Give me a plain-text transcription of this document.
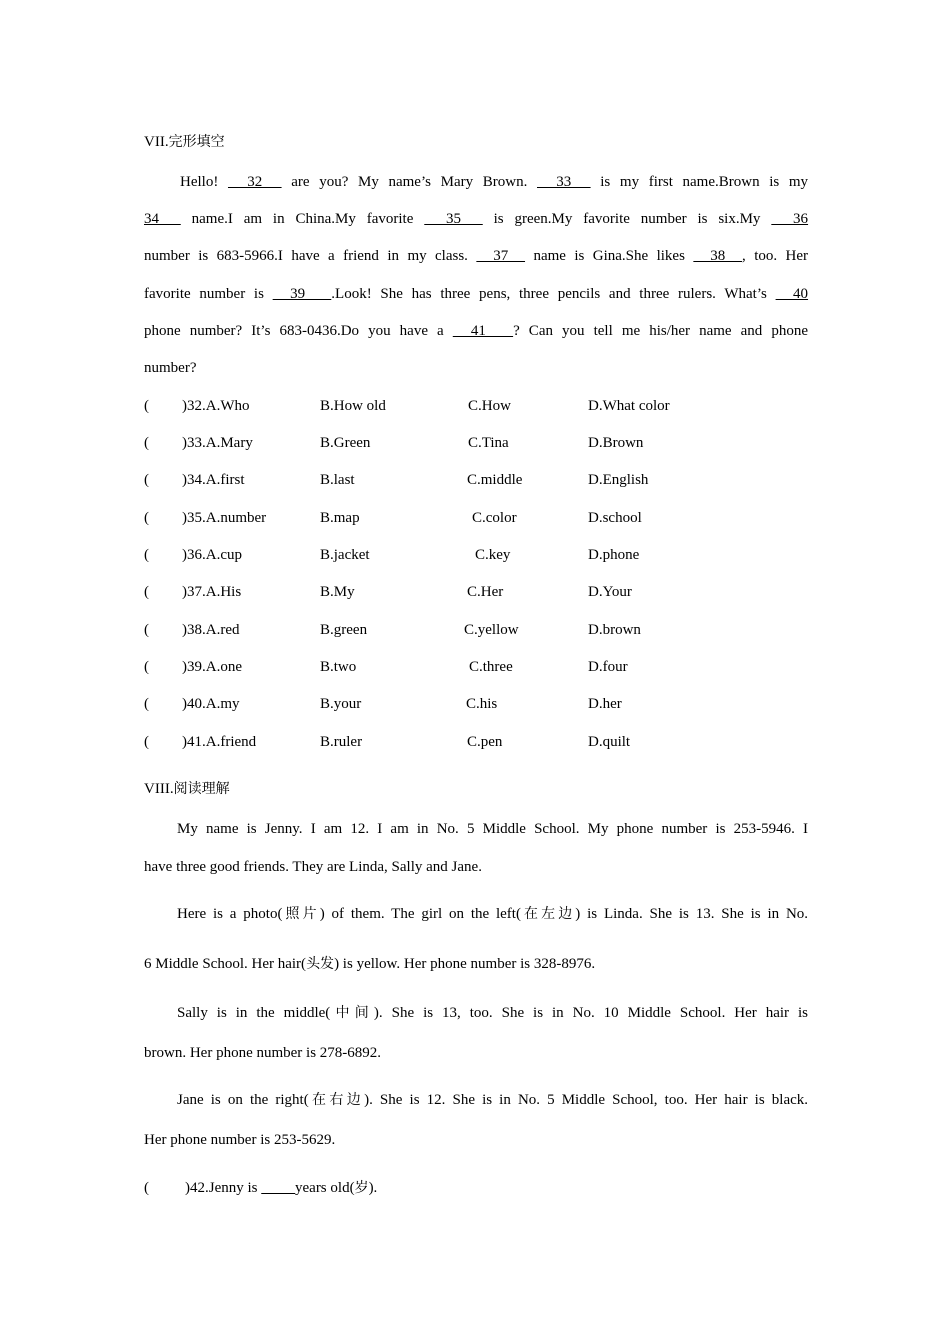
VII.完形填空
Hello!   32   are you? My name’s Mary Brown.   33   is my first name.Brown is my
34   name.I am in China.My favorite   35   is green.My favorite number is six.My   36
number is 683-5966.I have a friend in my class.   37   name is Gina.She likes   38  , too. Her
favorite number is   39   .Look! She has three pens, three pencils and three rulers. What’s   40
phone number? It’s 683-0436.Do you have a   41   ? Can you tell me his/her name and phone
number?
( )32.A.Who	B.How old	C.How	D.What color
( )33.A.Mary	B.Green	C.Tina	D.Brown
( )34.A.first	B.last	C.middle	D.English
( )35.A.number	B.map	C.color	D.school
( )36.A.cup	B.jacket	C.key	D.phone
( )37.A.His	B.My	C.Her	D.Your
( )38.A.red	B.green	C.yellow	D.brown
( )39.A.one	B.two	C.three	D.four
( )40.A.my	B.your	C.his	D.her
( )41.A.friend	B.ruler	C.pen	D.quilt
VIII.阅读理解
My name is Jenny. I am 12. I am in No. 5 Middle School. My phone number is 253-5946. I
have three good friends. They are Linda, Sally and Jane.
Here is a photo(照片) of them. The girl on the left(在左边) is Linda. She is 13. She is in No.
6 Middle School. Her hair(头发) is yellow. Her phone number is 328-8976.
Sally is in the middle(中间). She is 13, too. She is in No. 10 Middle School. Her hair is
brown. Her phone number is 278-6892.
Jane is on the right(在右边). She is 12. She is in No. 5 Middle School, too. Her hair is black.
Her phone number is 253-5629.
( )42.Jenny is          years old(岁).
